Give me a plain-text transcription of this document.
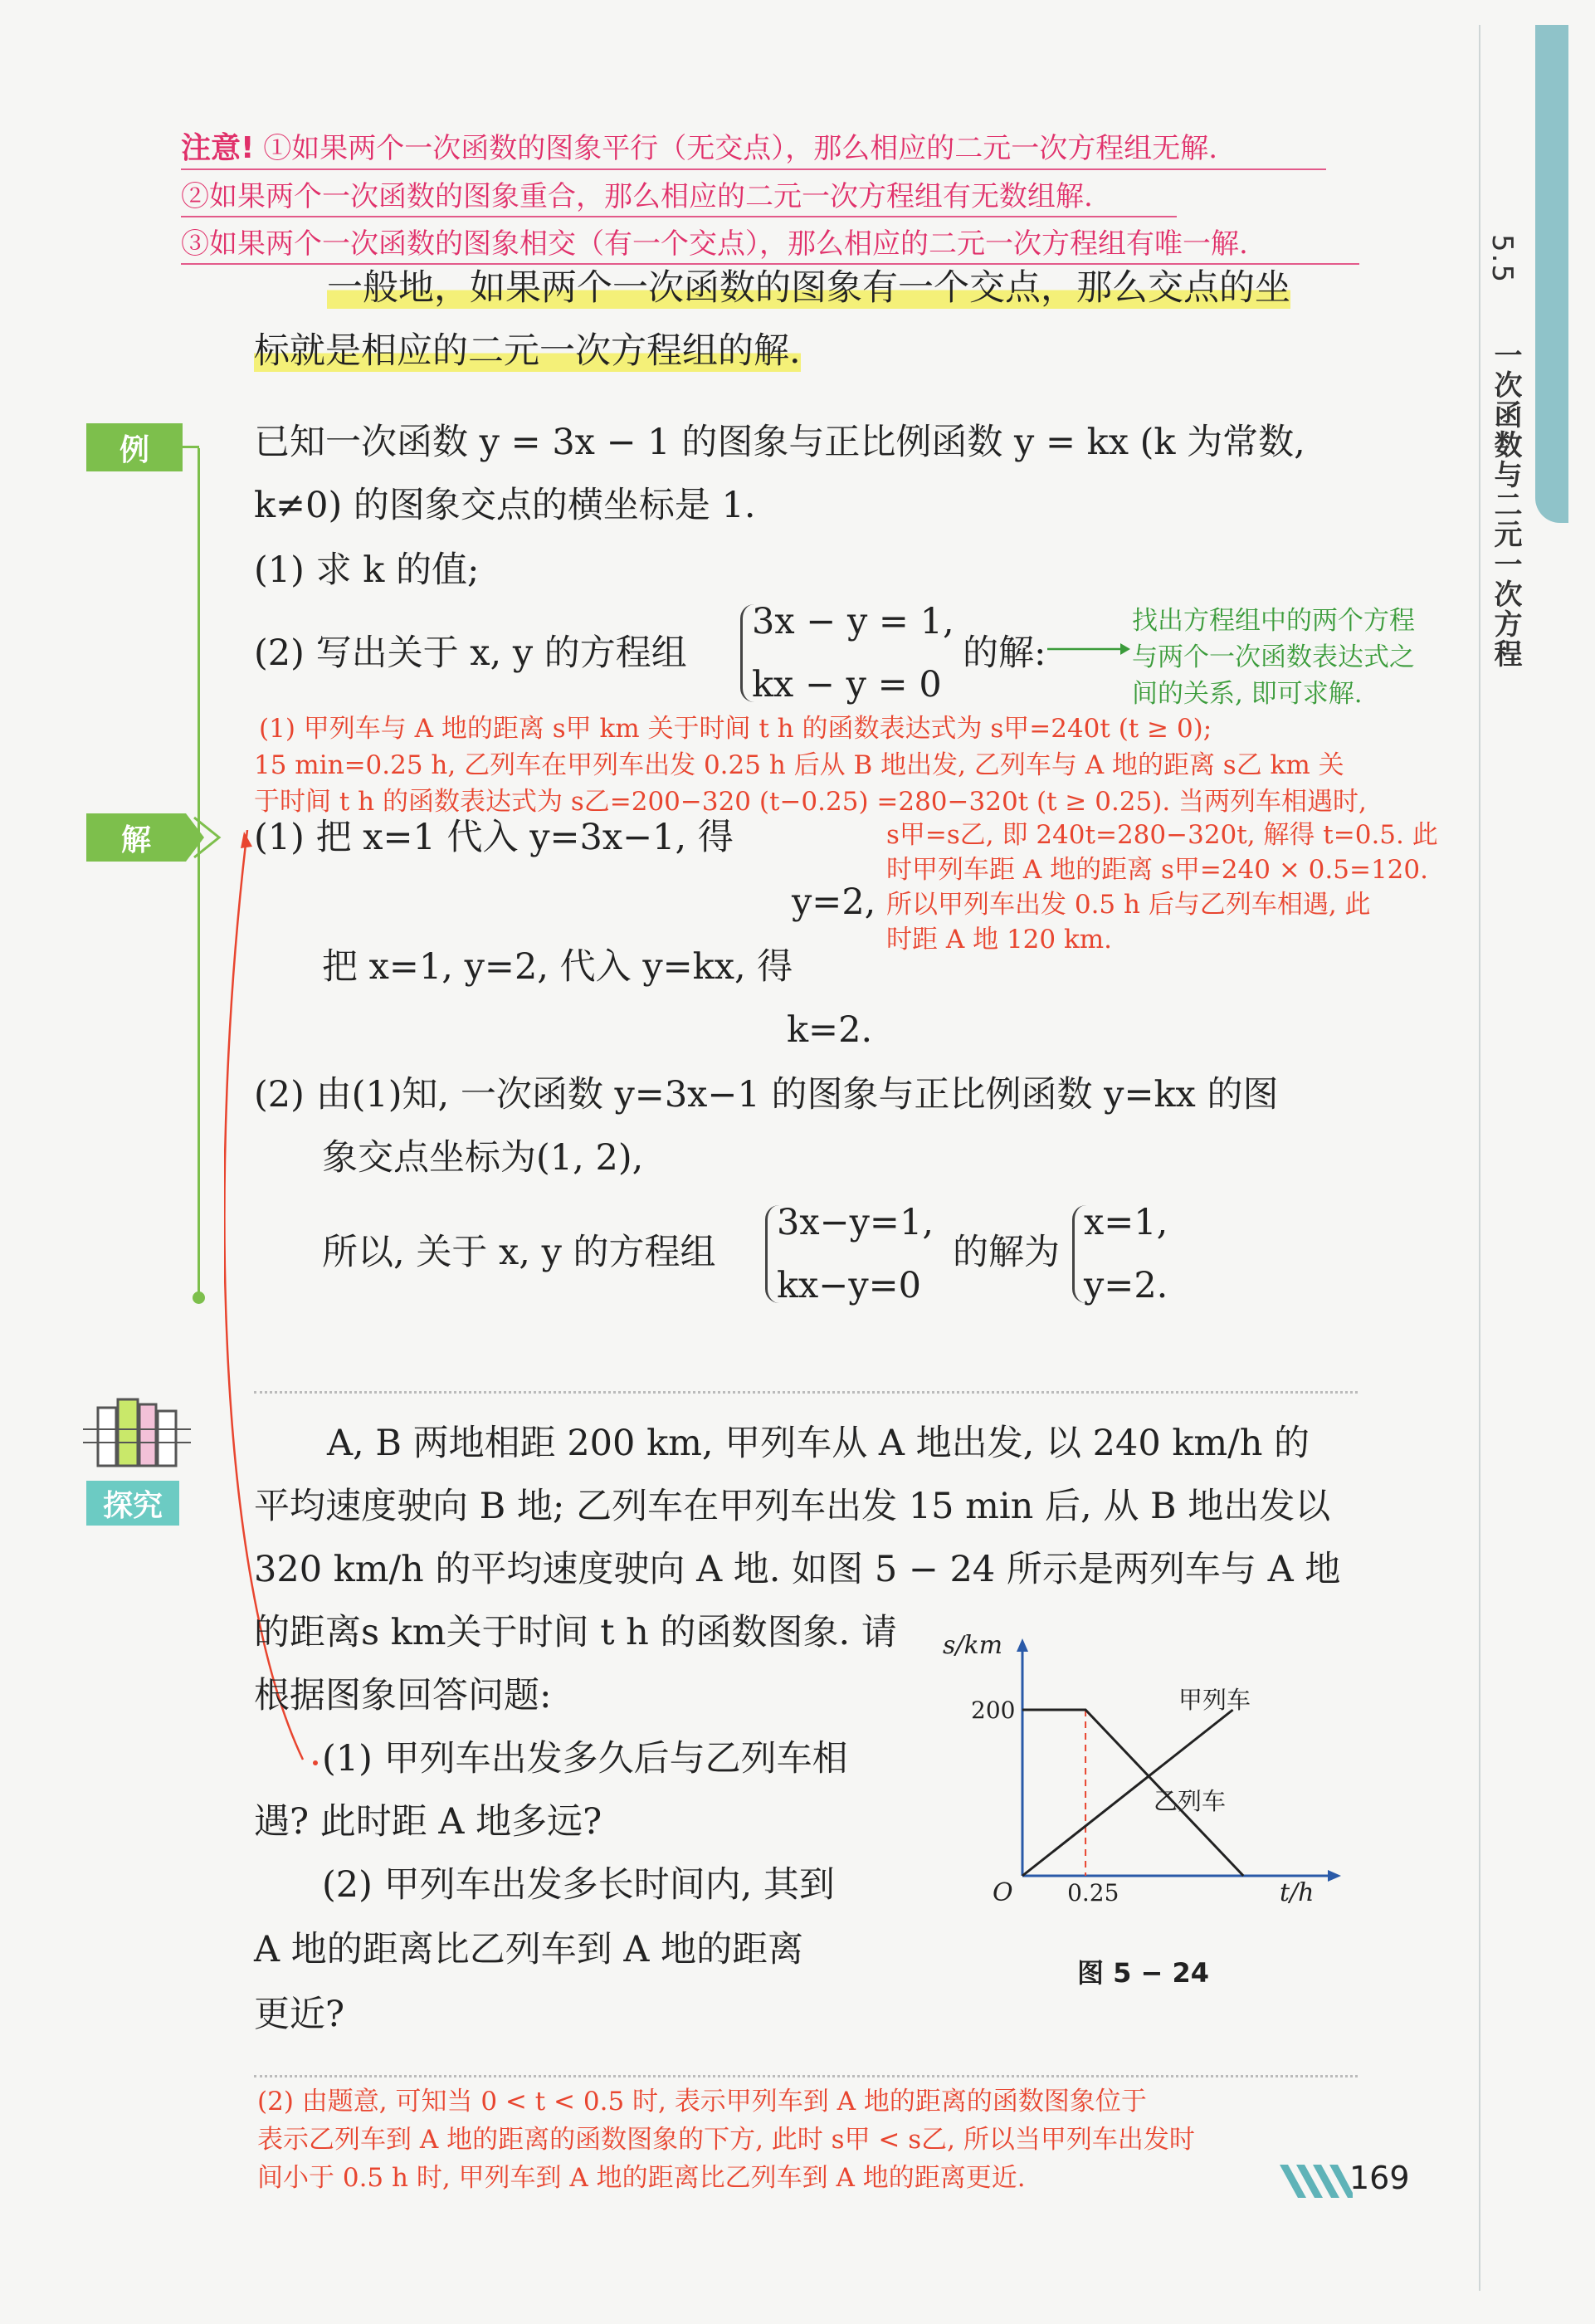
5.5
一次函数与二元一次方程
注意! ①如果两个一次函数的图象平行（无交点），那么相应的二元一次方程组无解.
②如果两个一次函数的图象重合，那么相应的二元一次方程组有无数组解.
③如果两个一次函数的图象相交（有一个交点），那么相应的二元一次方程组有唯一解.
一般地，如果两个一次函数的图象有一个交点，那么交点的坐
标就是相应的二元一次方程组的解.
例	已知一次函数 y = 3x − 1 的图象与正比例函数 y = kx (k 为常数,
k≠0) 的图象交点的横坐标是 1.
(1) 求 k 的值;
(2) 写出关于 x, y 的方程组
3x − y = 1,
kx − y = 0
的解:
找出方程组中的两个方程
与两个一次函数表达式之
间的关系, 即可求解.
(1) 甲列车与 A 地的距离 s甲 km 关于时间 t h 的函数表达式为 s甲=240t (t ≥ 0);
15 min=0.25 h, 乙列车在甲列车出发 0.25 h 后从 B 地出发, 乙列车与 A 地的距离 s乙 km 关
于时间 t h 的函数表达式为 s乙=200−320 (t−0.25) =280−320t (t ≥ 0.25). 当两列车相遇时,
s甲=s乙, 即 240t=280−320t, 解得 t=0.5. 此
时甲列车距 A 地的距离 s甲=240 × 0.5=120.
所以甲列车出发 0.5 h 后与乙列车相遇, 此
时距 A 地 120 km.
解	(1) 把 x=1 代入 y=3x−1, 得
y=2,
把 x=1, y=2, 代入 y=kx, 得
k=2.
(2) 由(1)知, 一次函数 y=3x−1 的图象与正比例函数 y=kx 的图
象交点坐标为(1, 2),
所以, 关于 x, y 的方程组
3x−y=1,
kx−y=0
的解为
x=1,
y=2.
探究
A, B 两地相距 200 km, 甲列车从 A 地出发, 以 240 km/h 的
平均速度驶向 B 地; 乙列车在甲列车出发 15 min 后, 从 B 地出发以
320 km/h 的平均速度驶向 A 地. 如图 5 − 24 所示是两列车与 A 地
的距离s km关于时间 t h 的函数图象. 请
根据图象回答问题:
(1) 甲列车出发多久后与乙列车相
遇? 此时距 A 地多远?
(2) 甲列车出发多长时间内, 其到
A 地的距离比乙列车到 A 地的距离
更近?
s/km
t/h
O
200
0.25
甲列车
乙列车
图 5 − 24
(2) 由题意, 可知当 0 < t < 0.5 时, 表示甲列车到 A 地的距离的函数图象位于
表示乙列车到 A 地的距离的函数图象的下方, 此时 s甲 < s乙, 所以当甲列车出发时
间小于 0.5 h 时, 甲列车到 A 地的距离比乙列车到 A 地的距离更近.	169
